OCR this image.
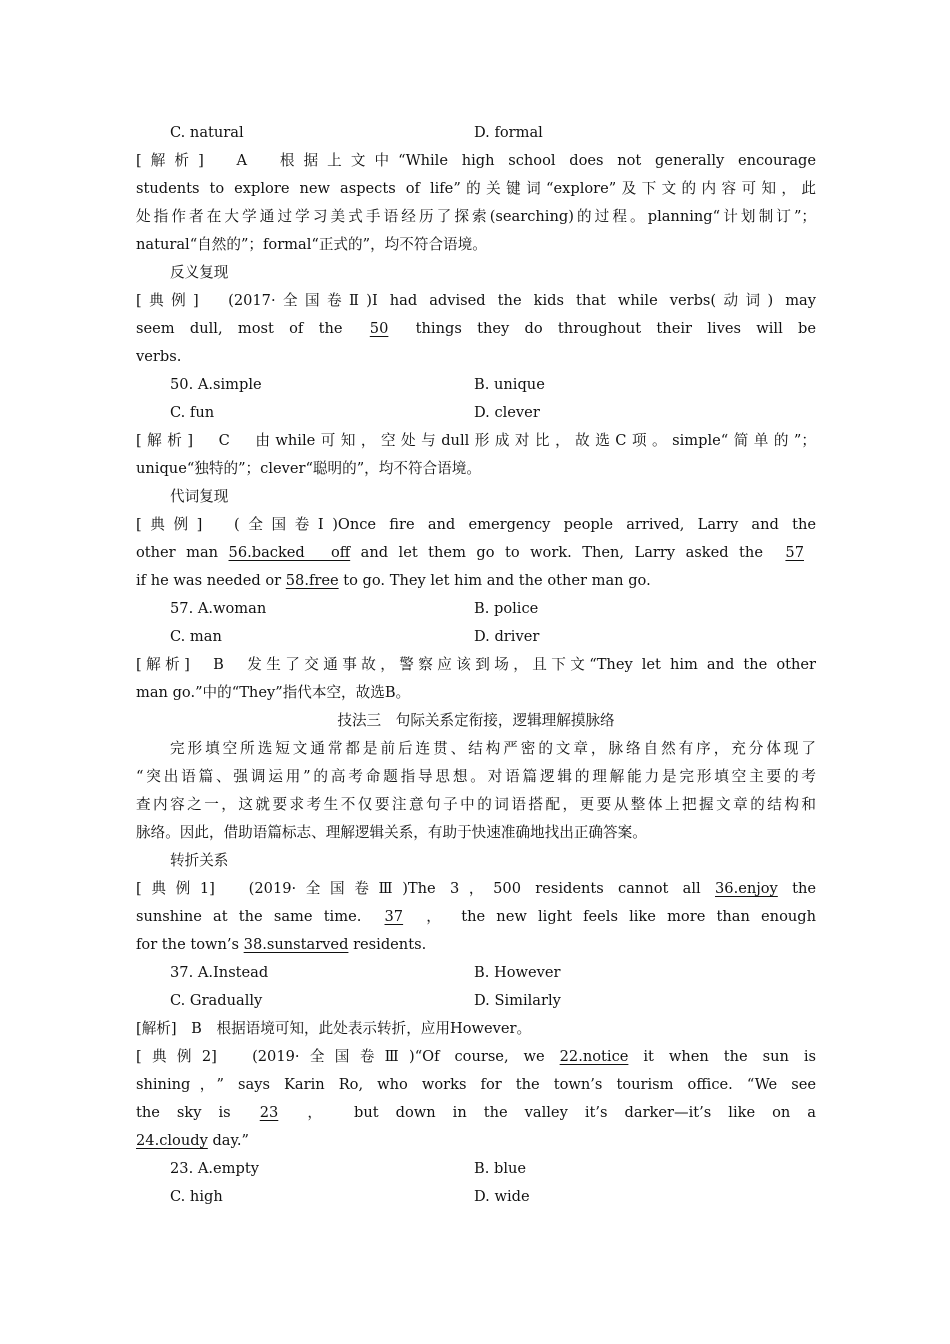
C. natural	D. formal
[解析]　A　根据上文中“While high school does not generally encourage
students to explore new aspects of life”的关键词“explore”及下文的内容可知，此
处指作者在大学通过学习美式手语经历了探索(searching)的过程。planning“计划制订”；
natural“自然的”；formal“正式的”，均不符合语境。
反义复现
[典例]　(2017·全国卷Ⅱ)I had advised the kids that while verbs(动词) may
seem dull, most of the 50 things they do throughout their lives will be
verbs.
50. A.simple	B. unique
C. fun	D. clever
[解析]　C　由while可知，空处与dull形成对比，故选C项。simple“简单的”；
unique“独特的”；clever“聪明的”，均不符合语境。
代词复现
[典例]　(全国卷Ⅰ)Once fire and emergency people arrived, Larry and the
other man 56.backed　off and let them go to work. Then, Larry asked the 57
if he was needed or 58.free to go. They let him and the other man go.
57. A.woman	B. police
C. man	D. driver
[解析]　B　发生了交通事故，警察应该到场，且下文“They let him and the other
man go.”中的“They”指代本空，故选B。
技法三　句际关系定衔接，逻辑理解摸脉络
完形填空所选短文通常都是前后连贯、结构严密的文章，脉络自然有序，充分体现了
“突出语篇、强调运用”的高考命题指导思想。对语篇逻辑的理解能力是完形填空主要的考
查内容之一，这就要求考生不仅要注意句子中的词语搭配，更要从整体上把握文章的结构和
脉络。因此，借助语篇标志、理解逻辑关系，有助于快速准确地找出正确答案。
转折关系
[典例1]　(2019·全国卷Ⅲ)The 3，500 residents cannot all 36.enjoy the
sunshine at the same time. 37 ，　the new light feels like more than enough
for the town’s 38.sunstarved residents.
37. A.Instead	B. However
C. Gradually	D. Similarly
[解析]　B　根据语境可知，此处表示转折，应用However。
[典例2]　(2019·全国卷Ⅲ)“Of course, we 22.notice it when the sun is
shining，” says Karin Ro, who works for the town’s tourism office. “We see
the sky is 23 ，　but down in the valley it’s darker—it’s like on a
24.cloudy day.”
23. A.empty	B. blue
C. high	D. wide
